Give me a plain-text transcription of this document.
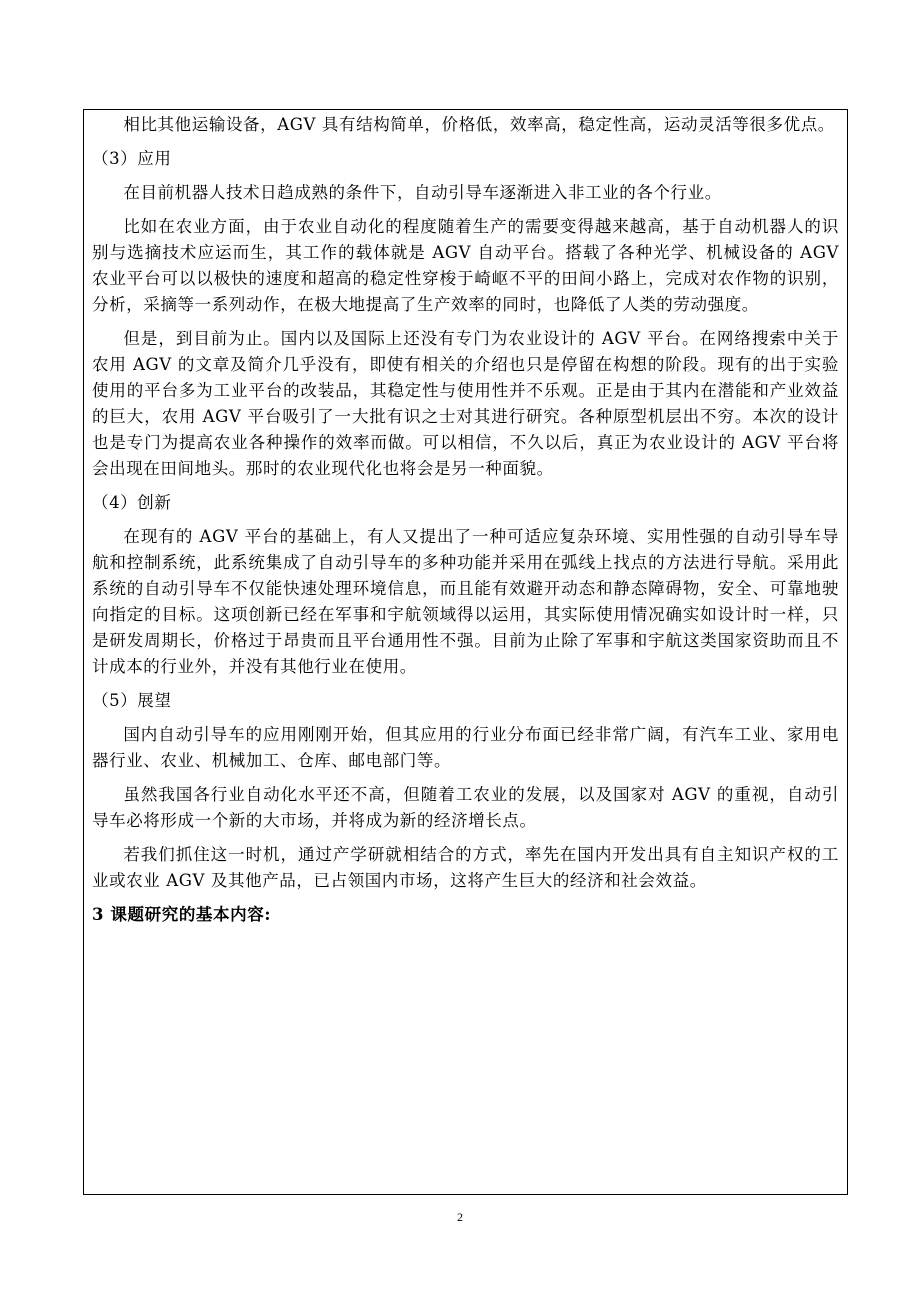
相比其他运输设备，AGV 具有结构简单，价格低，效率高，稳定性高，运动灵活等很多优点。

（3）应用

在目前机器人技术日趋成熟的条件下，自动引导车逐渐进入非工业的各个行业。

比如在农业方面，由于农业自动化的程度随着生产的需要变得越来越高，基于自动机器人的识别与选摘技术应运而生，其工作的载体就是 AGV 自动平台。搭载了各种光学、机械设备的 AGV 农业平台可以以极快的速度和超高的稳定性穿梭于崎岖不平的田间小路上，完成对农作物的识别，分析，采摘等一系列动作，在极大地提高了生产效率的同时，也降低了人类的劳动强度。

但是，到目前为止。国内以及国际上还没有专门为农业设计的 AGV 平台。在网络搜索中关于农用 AGV 的文章及简介几乎没有，即使有相关的介绍也只是停留在构想的阶段。现有的出于实验使用的平台多为工业平台的改装品，其稳定性与使用性并不乐观。正是由于其内在潜能和产业效益的巨大，农用 AGV 平台吸引了一大批有识之士对其进行研究。各种原型机层出不穷。本次的设计也是专门为提高农业各种操作的效率而做。可以相信，不久以后，真正为农业设计的 AGV 平台将会出现在田间地头。那时的农业现代化也将会是另一种面貌。

（4）创新

在现有的 AGV 平台的基础上，有人又提出了一种可适应复杂环境、实用性强的自动引导车导航和控制系统，此系统集成了自动引导车的多种功能并采用在弧线上找点的方法进行导航。采用此系统的自动引导车不仅能快速处理环境信息，而且能有效避开动态和静态障碍物，安全、可靠地驶向指定的目标。这项创新已经在军事和宇航领域得以运用，其实际使用情况确实如设计时一样，只是研发周期长，价格过于昂贵而且平台通用性不强。目前为止除了军事和宇航这类国家资助而且不计成本的行业外，并没有其他行业在使用。

（5）展望

国内自动引导车的应用刚刚开始，但其应用的行业分布面已经非常广阔，有汽车工业、家用电器行业、农业、机械加工、仓库、邮电部门等。

虽然我国各行业自动化水平还不高，但随着工农业的发展，以及国家对 AGV 的重视，自动引导车必将形成一个新的大市场，并将成为新的经济增长点。

若我们抓住这一时机，通过产学研就相结合的方式，率先在国内开发出具有自主知识产权的工业或农业 AGV 及其他产品，已占领国内市场，这将产生巨大的经济和社会效益。

3 课题研究的基本内容:

2
